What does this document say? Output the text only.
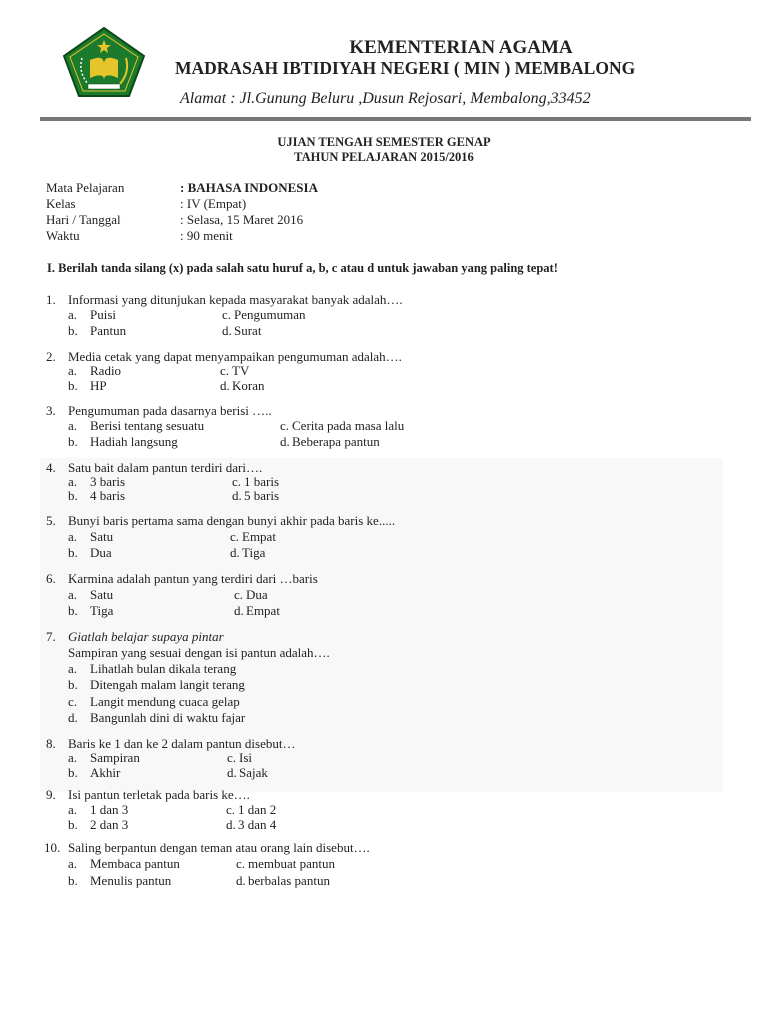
KEMENTERIAN AGAMA
MADRASAH IBTIDIYAH NEGERI ( MIN ) MEMBALONG
Alamat : Jl.Gunung Beluru ,Dusun Rejosari, Membalong,33452
UJIAN TENGAH SEMESTER GENAP
TAHUN PELAJARAN 2015/2016
Mata Pelajaran	: BAHASA INDONESIA
Kelas	: IV (Empat)
Hari / Tanggal	: Selasa, 15 Maret 2016
Waktu	: 90 menit
I. Berilah tanda silang (x) pada salah satu huruf a, b, c atau d untuk jawaban yang paling tepat!
1. Informasi yang ditunjukan kepada masyarakat banyak adalah….
a. Puisi	c. Pengumuman
b. Pantun	d. Surat
2. Media cetak yang dapat menyampaikan pengumuman adalah….
a. Radio	c. TV
b. HP	d. Koran
3. Pengumuman pada dasarnya berisi …..
a. Berisi tentang sesuatu	c. Cerita pada masa lalu
b. Hadiah langsung	d. Beberapa pantun
4. Satu bait dalam pantun terdiri dari….
a. 3 baris	c. 1 baris
b. 4 baris	d. 5 baris
5. Bunyi baris pertama sama dengan bunyi akhir pada baris ke.....
a. Satu	c. Empat
b. Dua	d. Tiga
6. Karmina adalah pantun yang terdiri dari …baris
a. Satu	c. Dua
b. Tiga	d. Empat
7. Giatlah belajar supaya pintar
Sampiran yang sesuai dengan isi pantun adalah….
a. Lihatlah bulan dikala terang
b. Ditengah malam langit terang
c. Langit mendung cuaca gelap
d. Bangunlah dini di waktu fajar
8. Baris ke 1 dan ke 2 dalam pantun disebut…
a. Sampiran	c. Isi
b. Akhir	d. Sajak
9. Isi pantun terletak pada baris ke….
a. 1 dan 3	c. 1 dan 2
b. 2 dan 3	d. 3 dan 4
10. Saling berpantun dengan teman atau orang lain disebut….
a. Membaca pantun	c. membuat pantun
b. Menulis pantun	d. berbalas pantun
